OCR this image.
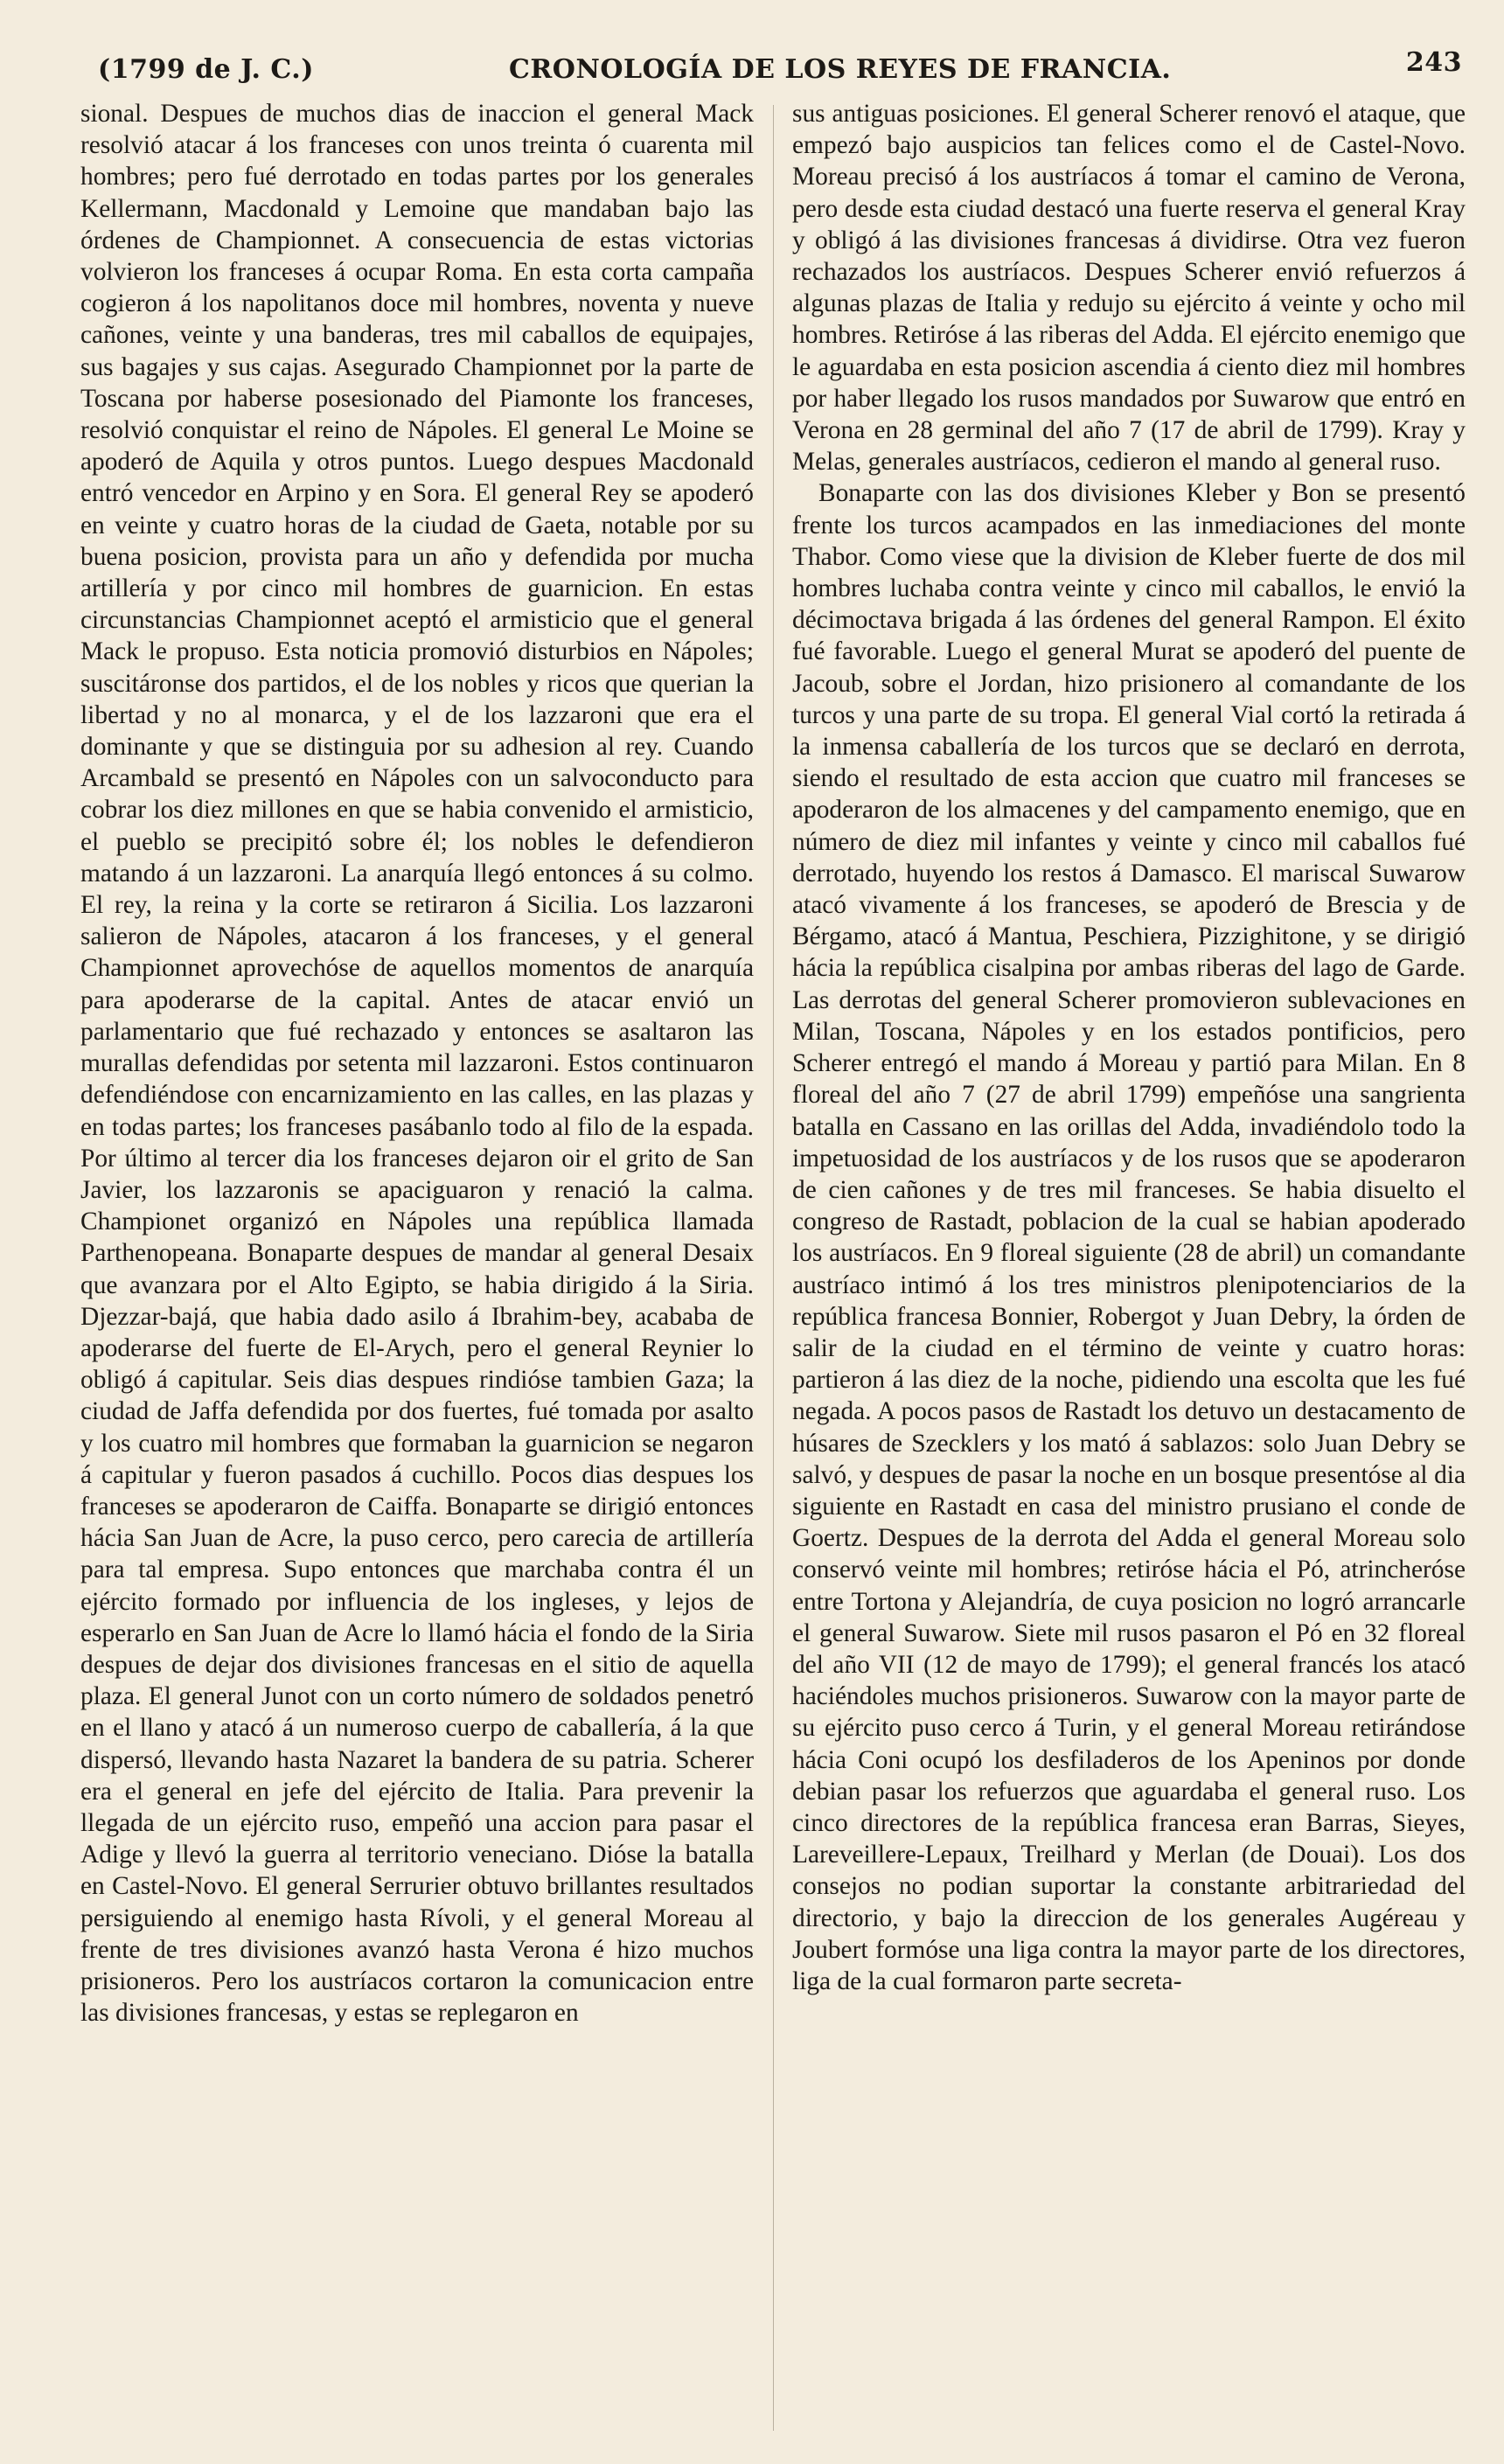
(1799 de J. C.)	CRONOLOGÍA DE LOS REYES DE FRANCIA.	243

sional. Despues de muchos dias de inaccion el general Mack resolvió atacar á los franceses con unos treinta ó cuarenta mil hombres; pero fué derrotado en todas partes por los generales Kellermann, Macdonald y Lemoine que mandaban bajo las órdenes de Championnet. A consecuencia de estas victorias volvieron los franceses á ocupar Roma. En esta corta campaña cogieron á los napolitanos doce mil hombres, noventa y nueve cañones, veinte y una banderas, tres mil caballos de equipajes, sus bagajes y sus cajas. Asegurado Championnet por la parte de Toscana por haberse posesionado del Piamonte los franceses, resolvió conquistar el reino de Nápoles. El general Le Moine se apoderó de Aquila y otros puntos. Luego despues Macdonald entró vencedor en Arpino y en Sora. El general Rey se apoderó en veinte y cuatro horas de la ciudad de Gaeta, notable por su buena posicion, provista para un año y defendida por mucha artillería y por cinco mil hombres de guarnicion. En estas circunstancias Championnet aceptó el armisticio que el general Mack le propuso. Esta noticia promovió disturbios en Nápoles; suscitáronse dos partidos, el de los nobles y ricos que querian la libertad y no al monarca, y el de los lazzaroni que era el dominante y que se distinguia por su adhesion al rey. Cuando Arcambald se presentó en Nápoles con un salvoconducto para cobrar los diez millones en que se habia convenido el armisticio, el pueblo se precipitó sobre él; los nobles le defendieron matando á un lazzaroni. La anarquía llegó entonces á su colmo. El rey, la reina y la corte se retiraron á Sicilia. Los lazzaroni salieron de Nápoles, atacaron á los franceses, y el general Championnet aprovechóse de aquellos momentos de anarquía para apoderarse de la capital. Antes de atacar envió un parlamentario que fué rechazado y entonces se asaltaron las murallas defendidas por setenta mil lazzaroni. Estos continuaron defendiéndose con encarnizamiento en las calles, en las plazas y en todas partes; los franceses pasábanlo todo al filo de la espada. Por último al tercer dia los franceses dejaron oir el grito de San Javier, los lazzaronis se apaciguaron y renació la calma. Championet organizó en Nápoles una república llamada Parthenopeana. Bonaparte despues de mandar al general Desaix que avanzara por el Alto Egipto, se habia dirigido á la Siria. Djezzar-bajá, que habia dado asilo á Ibrahim-bey, acababa de apoderarse del fuerte de El-Arych, pero el general Reynier lo obligó á capitular. Seis dias despues rindióse tambien Gaza; la ciudad de Jaffa defendida por dos fuertes, fué tomada por asalto y los cuatro mil hombres que formaban la guarnicion se negaron á capitular y fueron pasados á cuchillo. Pocos dias despues los franceses se apoderaron de Caiffa. Bonaparte se dirigió entonces hácia San Juan de Acre, la puso cerco, pero carecia de artillería para tal empresa. Supo entonces que marchaba contra él un ejército formado por influencia de los ingleses, y lejos de esperarlo en San Juan de Acre lo llamó hácia el fondo de la Siria despues de dejar dos divisiones francesas en el sitio de aquella plaza. El general Junot con un corto número de soldados penetró en el llano y atacó á un numeroso cuerpo de caballería, á la que dispersó, llevando hasta Nazaret la bandera de su patria. Scherer era el general en jefe del ejército de Italia. Para prevenir la llegada de un ejército ruso, empeñó una accion para pasar el Adige y llevó la guerra al territorio veneciano. Dióse la batalla en Castel-Novo. El general Serrurier obtuvo brillantes resultados persiguiendo al enemigo hasta Rívoli, y el general Moreau al frente de tres divisiones avanzó hasta Verona é hizo muchos prisioneros. Pero los austríacos cortaron la comunicacion entre las divisiones francesas, y estas se replegaron en

sus antiguas posiciones. El general Scherer renovó el ataque, que empezó bajo auspicios tan felices como el de Castel-Novo. Moreau precisó á los austríacos á tomar el camino de Verona, pero desde esta ciudad destacó una fuerte reserva el general Kray y obligó á las divisiones francesas á dividirse. Otra vez fueron rechazados los austríacos. Despues Scherer envió refuerzos á algunas plazas de Italia y redujo su ejército á veinte y ocho mil hombres. Retiróse á las riberas del Adda. El ejército enemigo que le aguardaba en esta posicion ascendia á ciento diez mil hombres por haber llegado los rusos mandados por Suwarow que entró en Verona en 28 germinal del año 7 (17 de abril de 1799). Kray y Melas, generales austríacos, cedieron el mando al general ruso.

Bonaparte con las dos divisiones Kleber y Bon se presentó frente los turcos acampados en las inmediaciones del monte Thabor. Como viese que la division de Kleber fuerte de dos mil hombres luchaba contra veinte y cinco mil caballos, le envió la décimoctava brigada á las órdenes del general Rampon. El éxito fué favorable. Luego el general Murat se apoderó del puente de Jacoub, sobre el Jordan, hizo prisionero al comandante de los turcos y una parte de su tropa. El general Vial cortó la retirada á la inmensa caballería de los turcos que se declaró en derrota, siendo el resultado de esta accion que cuatro mil franceses se apoderaron de los almacenes y del campamento enemigo, que en número de diez mil infantes y veinte y cinco mil caballos fué derrotado, huyendo los restos á Damasco. El mariscal Suwarow atacó vivamente á los franceses, se apoderó de Brescia y de Bérgamo, atacó á Mantua, Peschiera, Pizzighitone, y se dirigió hácia la república cisalpina por ambas riberas del lago de Garde. Las derrotas del general Scherer promovieron sublevaciones en Milan, Toscana, Nápoles y en los estados pontificios, pero Scherer entregó el mando á Moreau y partió para Milan. En 8 floreal del año 7 (27 de abril 1799) empeñóse una sangrienta batalla en Cassano en las orillas del Adda, invadiéndolo todo la impetuosidad de los austríacos y de los rusos que se apoderaron de cien cañones y de tres mil franceses. Se habia disuelto el congreso de Rastadt, poblacion de la cual se habian apoderado los austríacos. En 9 floreal siguiente (28 de abril) un comandante austríaco intimó á los tres ministros plenipotenciarios de la república francesa Bonnier, Robergot y Juan Debry, la órden de salir de la ciudad en el término de veinte y cuatro horas: partieron á las diez de la noche, pidiendo una escolta que les fué negada. A pocos pasos de Rastadt los detuvo un destacamento de húsares de Szecklers y los mató á sablazos: solo Juan Debry se salvó, y despues de pasar la noche en un bosque presentóse al dia siguiente en Rastadt en casa del ministro prusiano el conde de Goertz. Despues de la derrota del Adda el general Moreau solo conservó veinte mil hombres; retiróse hácia el Pó, atrincheróse entre Tortona y Alejandría, de cuya posicion no logró arrancarle el general Suwarow. Siete mil rusos pasaron el Pó en 32 floreal del año VII (12 de mayo de 1799); el general francés los atacó haciéndoles muchos prisioneros. Suwarow con la mayor parte de su ejército puso cerco á Turin, y el general Moreau retirándose hácia Coni ocupó los desfiladeros de los Apeninos por donde debian pasar los refuerzos que aguardaba el general ruso. Los cinco directores de la república francesa eran Barras, Sieyes, Lareveillere-Lepaux, Treilhard y Merlan (de Douai). Los dos consejos no podian suportar la constante arbitrariedad del directorio, y bajo la direccion de los generales Augéreau y Joubert formóse una liga contra la mayor parte de los directores, liga de la cual formaron parte secreta-
